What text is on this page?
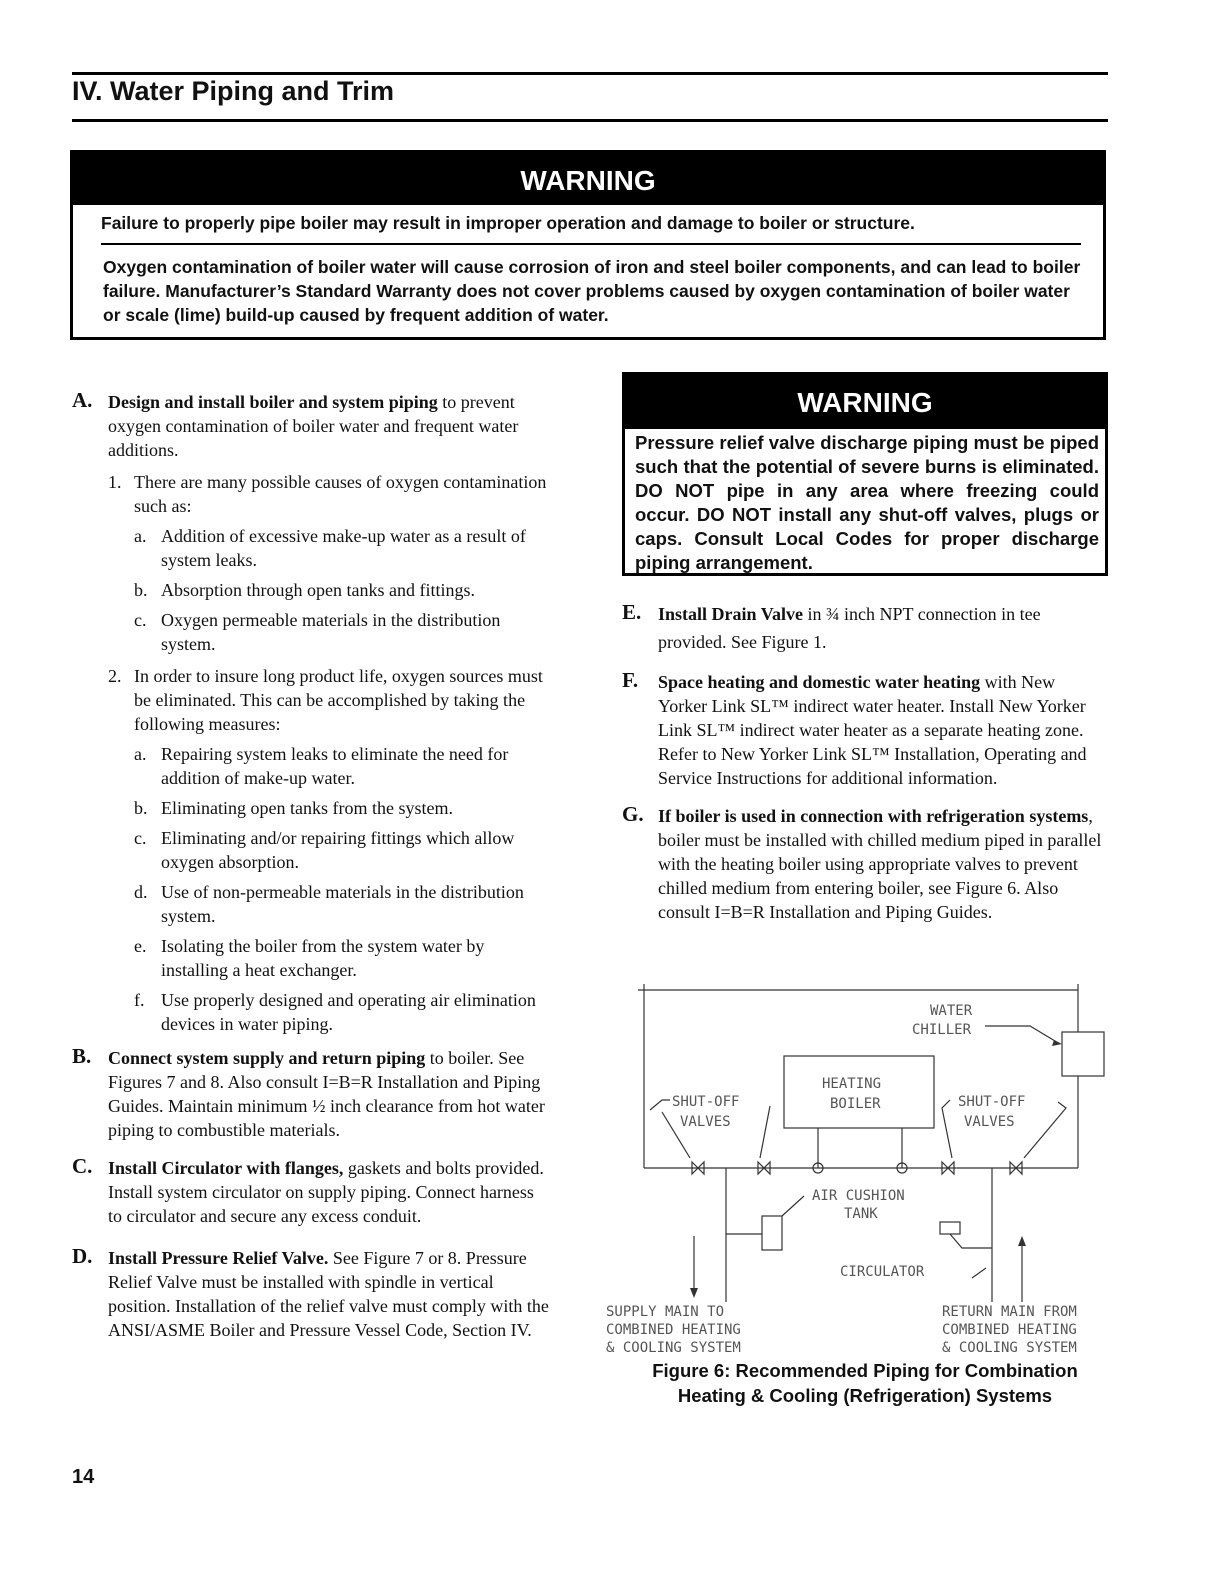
IV. Water Piping and Trim
WARNING
Failure to properly pipe boiler may result in improper operation and damage to boiler or structure.
Oxygen contamination of boiler water will cause corrosion of iron and steel boiler components, and can lead to boiler failure. Manufacturer’s Standard Warranty does not cover problems caused by oxygen contamination of boiler water or scale (lime) build-up caused by frequent addition of water.
A. Design and install boiler and system piping to prevent oxygen contamination of boiler water and frequent water additions.
1. There are many possible causes of oxygen contamination such as:
a. Addition of excessive make-up water as a result of system leaks.
b. Absorption through open tanks and fittings.
c. Oxygen permeable materials in the distribution system.
2. In order to insure long product life, oxygen sources must be eliminated. This can be accomplished by taking the following measures:
a. Repairing system leaks to eliminate the need for addition of make-up water.
b. Eliminating open tanks from the system.
c. Eliminating and/or repairing fittings which allow oxygen absorption.
d. Use of non-permeable materials in the distribution system.
e. Isolating the boiler from the system water by installing a heat exchanger.
f. Use properly designed and operating air elimination devices in water piping.
B. Connect system supply and return piping to boiler. See Figures 7 and 8. Also consult I=B=R Installation and Piping Guides. Maintain minimum ½ inch clearance from hot water piping to combustible materials.
C. Install Circulator with flanges, gaskets and bolts provided. Install system circulator on supply piping. Connect harness to circulator and secure any excess conduit.
D. Install Pressure Relief Valve. See Figure 7 or 8. Pressure Relief Valve must be installed with spindle in vertical position. Installation of the relief valve must comply with the ANSI/ASME Boiler and Pressure Vessel Code, Section IV.
WARNING
Pressure relief valve discharge piping must be piped such that the potential of severe burns is eliminated. DO NOT pipe in any area where freezing could occur. DO NOT install any shut-off valves, plugs or caps. Consult Local Codes for proper discharge piping arrangement.
E. Install Drain Valve in ¾ inch NPT connection in tee provided. See Figure 1.
F. Space heating and domestic water heating with New Yorker Link SL™ indirect water heater. Install New Yorker Link SL™ indirect water heater as a separate heating zone. Refer to New Yorker Link SL™ Installation, Operating and Service Instructions for additional information.
G. If boiler is used in connection with refrigeration systems, boiler must be installed with chilled medium piped in parallel with the heating boiler using appropriate valves to prevent chilled medium from entering boiler, see Figure 6. Also consult I=B=R Installation and Piping Guides.
WATER
CHILLER
HEATING
BOILER
SHUT-OFF
VALVES
SHUT-OFF
VALVES
AIR CUSHION
TANK
CIRCULATOR
SUPPLY MAIN TO
COMBINED HEATING
& COOLING SYSTEM
RETURN MAIN FROM
COMBINED HEATING
& COOLING SYSTEM
Figure 6: Recommended Piping for Combination
Heating & Cooling (Refrigeration) Systems
14
